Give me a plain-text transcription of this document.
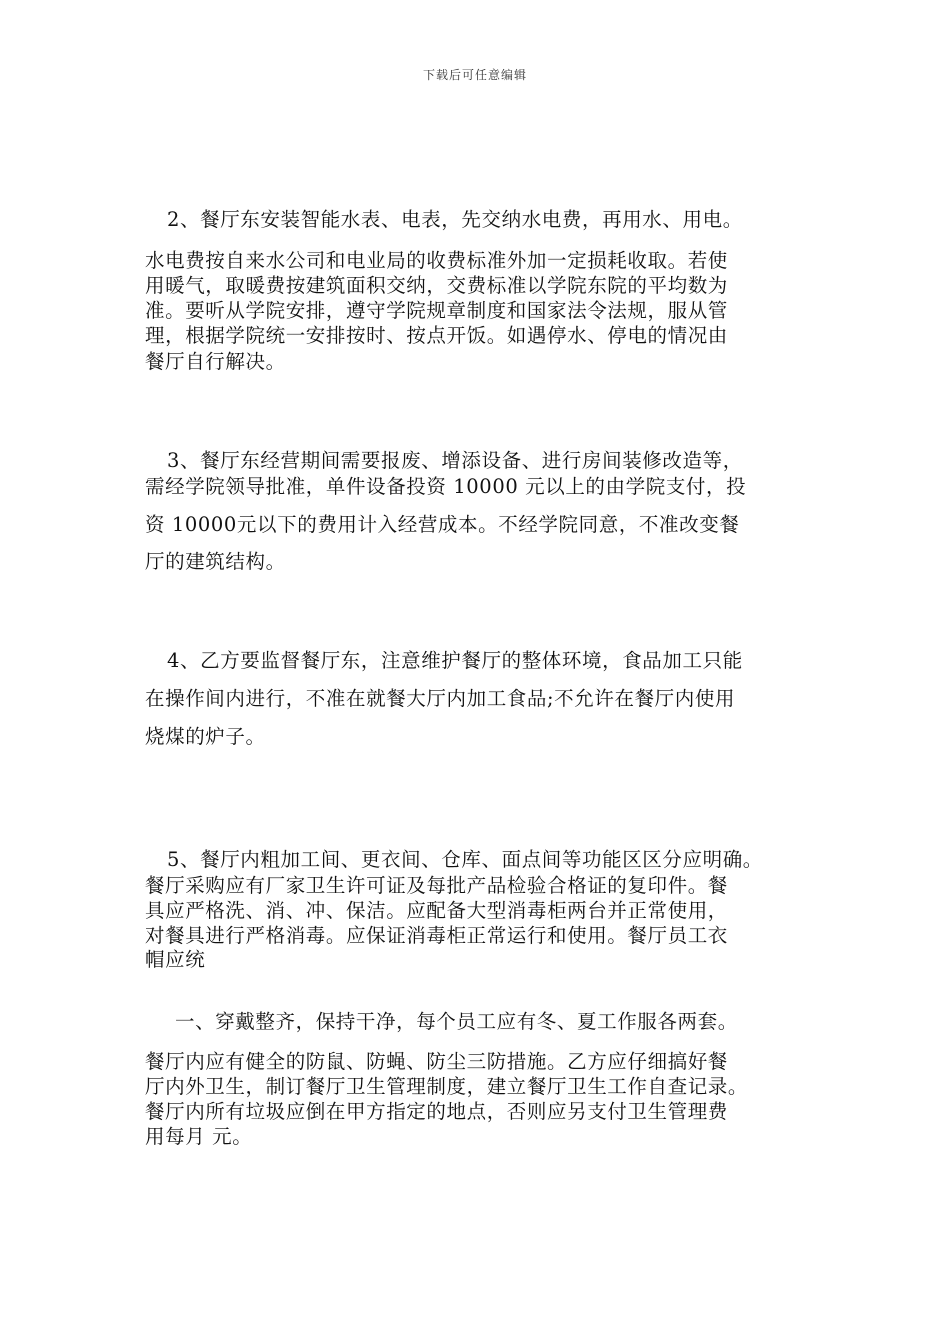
下载后可任意编辑
2、餐厅东安装智能水表、电表，先交纳水电费，再用水、用电。
水电费按自来水公司和电业局的收费标准外加一定损耗收取。若使
用暖气，取暖费按建筑面积交纳，交费标准以学院东院的平均数为
准。要听从学院安排，遵守学院规章制度和国家法令法规，服从管
理，根据学院统一安排按时、按点开饭。如遇停水、停电的情况由
餐厅自行解决。
3、餐厅东经营期间需要报废、增添设备、进行房间装修改造等，
需经学院领导批准，单件设备投资 10000 元以上的由学院支付，投
资 10000元以下的费用计入经营成本。不经学院同意，不准改变餐
厅的建筑结构。
4、乙方要监督餐厅东，注意维护餐厅的整体环境，食品加工只能
在操作间内进行，不准在就餐大厅内加工食品;不允许在餐厅内使用
烧煤的炉子。
5、餐厅内粗加工间、更衣间、仓库、面点间等功能区区分应明确。
餐厅采购应有厂家卫生许可证及每批产品检验合格证的复印件。餐
具应严格洗、消、冲、保洁。应配备大型消毒柜两台并正常使用，
对餐具进行严格消毒。应保证消毒柜正常运行和使用。餐厅员工衣
帽应统
一、穿戴整齐，保持干净，每个员工应有冬、夏工作服各两套。
餐厅内应有健全的防鼠、防蝇、防尘三防措施。乙方应仔细搞好餐
厅内外卫生，制订餐厅卫生管理制度，建立餐厅卫生工作自查记录。
餐厅内所有垃圾应倒在甲方指定的地点，否则应另支付卫生管理费
用每月 元。
